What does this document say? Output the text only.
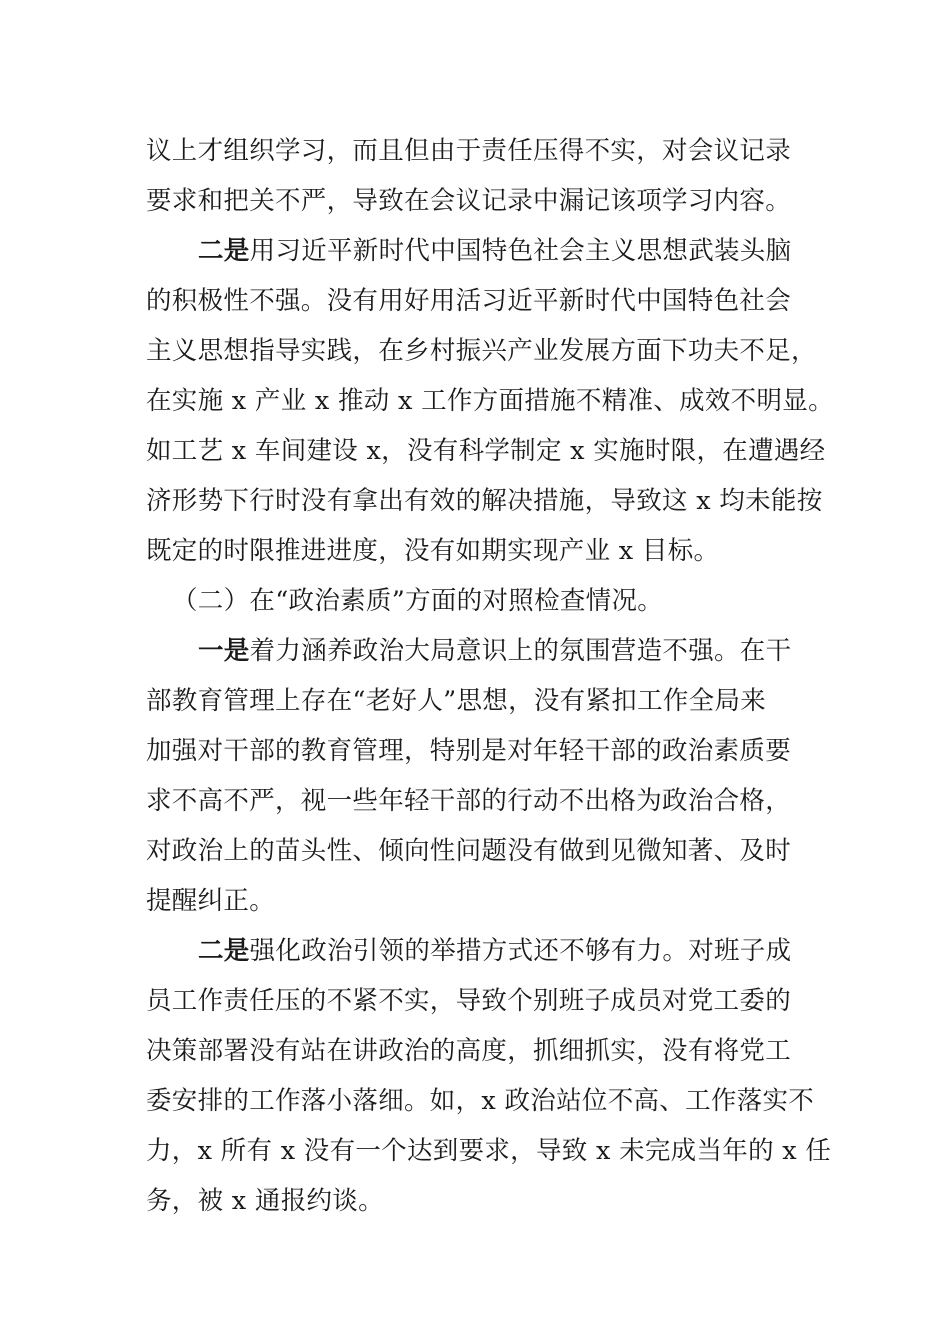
议上才组织学习，而且但由于责任压得不实，对会议记录
要求和把关不严，导致在会议记录中漏记该项学习内容。
二是用习近平新时代中国特色社会主义思想武装头脑
的积极性不强。没有用好用活习近平新时代中国特色社会
主义思想指导实践，在乡村振兴产业发展方面下功夫不足，
在实施 x 产业 x 推动 x 工作方面措施不精准、成效不明显。
如工艺 x 车间建设 x，没有科学制定 x 实施时限，在遭遇经
济形势下行时没有拿出有效的解决措施，导致这 x 均未能按
既定的时限推进进度，没有如期实现产业 x 目标。
（二）在“政治素质”方面的对照检查情况。
一是着力涵养政治大局意识上的氛围营造不强。在干
部教育管理上存在“老好人”思想，没有紧扣工作全局来
加强对干部的教育管理，特别是对年轻干部的政治素质要
求不高不严，视一些年轻干部的行动不出格为政治合格，
对政治上的苗头性、倾向性问题没有做到见微知著、及时
提醒纠正。
二是强化政治引领的举措方式还不够有力。对班子成
员工作责任压的不紧不实，导致个别班子成员对党工委的
决策部署没有站在讲政治的高度，抓细抓实，没有将党工
委安排的工作落小落细。如，x 政治站位不高、工作落实不
力，x 所有 x 没有一个达到要求，导致 x 未完成当年的 x 任
务，被 x 通报约谈。
